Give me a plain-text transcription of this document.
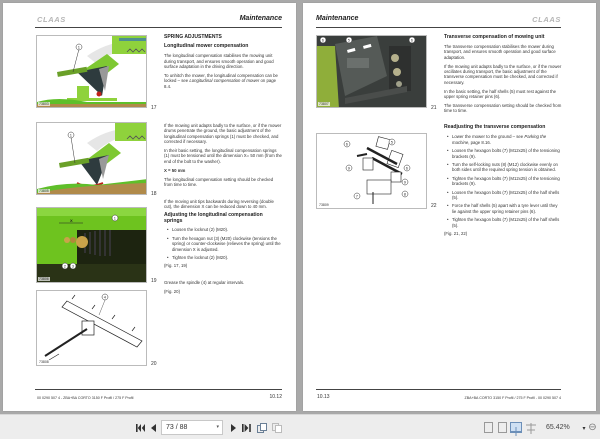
CLAAS	Maintenance
1
73803
17
1
73805	18
X	1
2 3
73806	19
4
73808	20
SPRING ADJUSTMENTS
Longitudinal mower compensation

The longitudinal compensation stabilises the mowing unit during transport, and ensures smooth operation and good surface adaptation in the driving direction.

To unhitch the mower, the longitudinal compensation can be locked – see Longitudinal compensation of mower on page 8.4.

If the mowing unit adapts badly to the surface, or if the mower drums penetrate the ground, the basic adjustment of the longitudinal compensation springs (1) must be checked, and corrected if necessary.

In their basic setting, the longitudinal compensation springs (1) must be tensioned until the dimension X= 50 mm (from the end of the bolt to the washer).

X = 50 mm

The longitudinal compensation setting should be checked from time to time.

If the moving unit tips backwards during reversing (double cut), the dimension X can be reduced down to 40 mm.

Adjusting the longitudinal compensation springs
• Loosen the locknut (2) (M20).
• Turn the hexagon nut (3) (M20) clockwise (tensions the spring) or counter-clockwise (relieves the spring) until the dimension X is adjusted.
• Tighten the locknut (2) (M20).

(Fig. 17, 19)

Grease the spindle (4) at regular intervals.

(Fig. 20)

00 0290 507 4 - ZBA+BA CORTO 3150 F Profil / 275 F Profil	10.12
Maintenance	CLAAS
6	5	6
73807
21
5
6
6
9
9
8
7
73809	22
Transverse compensation of mowing unit

The transverse compensation stabilises the mower during transport, and ensures smooth operation and good surface adaptation.

If the mowing unit adapts badly to the surface, or if the mower oscillates during transport, the basic adjustment of the transverse compensation must be checked, and corrected if necessary.

In the basic setting, the half shells (5) must rest against the upper spring retainer pins (6).

The transverse compensation setting should be checked from time to time.

Readjusting the transverse compensation
• Lower the mower to the ground – see Parking the machine, page 8.16.
• Loosen the hexagon bolts (7) (M12x25) of the tensioning brackets (9).
• Turn the self-locking nuts (8) (M12) clockwise evenly on both sides until the required spring tension is obtained.
• Tighten the hexagon bolts (7) (M12x25) of the tensioning brackets (9).
• Loosen the hexagon bolts (7) (M12x25) of the half shells (5).
• Force the half shells (5) apart with a tyre lever until they lie against the upper spring retainer pins (6).
• Tighten the hexagon bolts (7) (M12x25) of the half shells (5).

(Fig. 21, 22)

10.13	ZBA+BA CORTO 3150 F Profil / 275 F Profil - 00 0290 507 4
73 / 88	▾	65.42%	▾ ⊖
